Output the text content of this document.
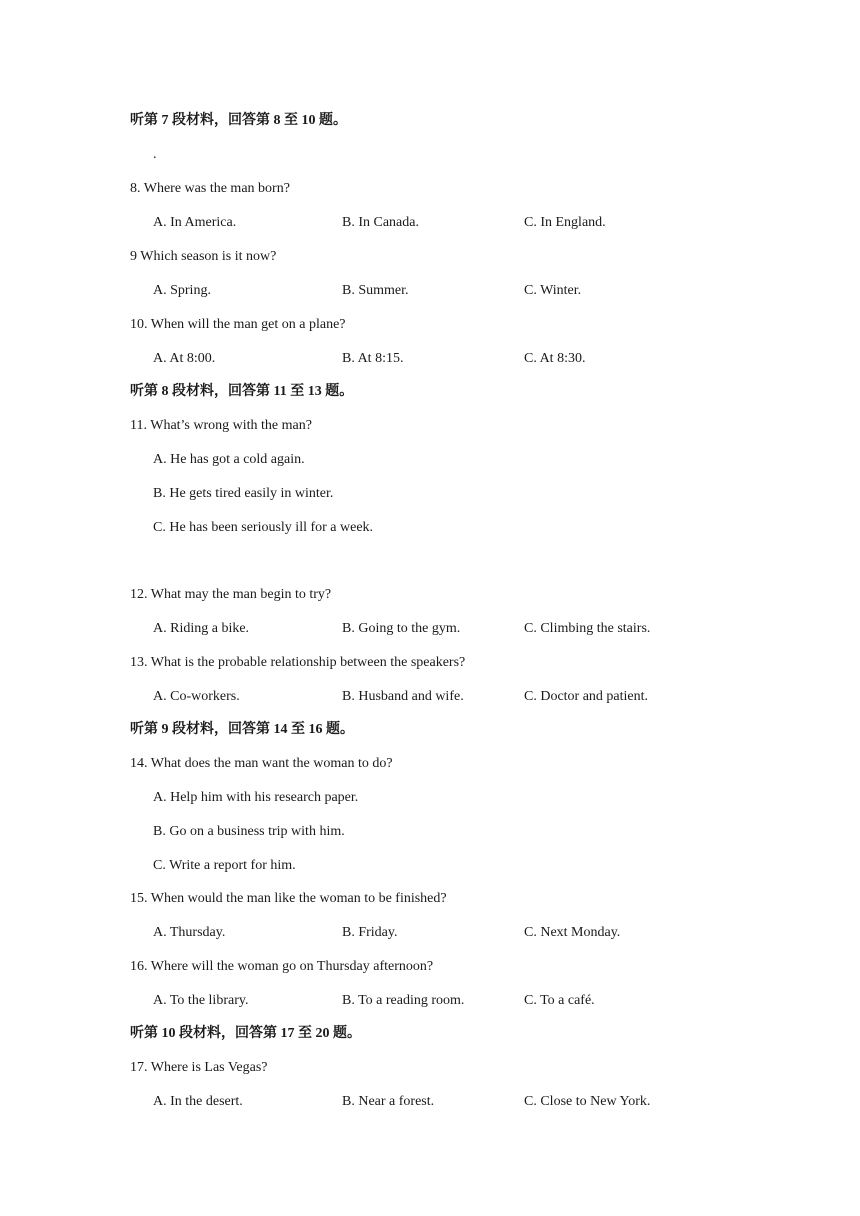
听第 7 段材料，回答第 8 至 10 题。
.
8. Where was the man born?
A. In America.	B. In Canada.	C. In England.
9 Which season is it now?
A. Spring.	B. Summer.	C. Winter.
10. When will the man get on a plane?
A. At 8:00.	B. At 8:15.	C. At 8:30.
听第 8 段材料，回答第 11 至 13 题。
11. What’s wrong with the man?
A. He has got a cold again.
B. He gets tired easily in winter.
C. He has been seriously ill for a week.
12. What may the man begin to try?
A. Riding a bike.	B. Going to the gym.	C. Climbing the stairs.
13. What is the probable relationship between the speakers?
A. Co-workers.	B. Husband and wife.	C. Doctor and patient.
听第 9 段材料，回答第 14 至 16 题。
14. What does the man want the woman to do?
A. Help him with his research paper.
B. Go on a business trip with him.
C. Write a report for him.
15. When would the man like the woman to be finished?
A. Thursday.	B. Friday.	C. Next Monday.
16. Where will the woman go on Thursday afternoon?
A. To the library.	B. To a reading room.	C. To a café.
听第 10 段材料，回答第 17 至 20 题。
17. Where is Las Vegas?
A. In the desert.	B. Near a forest.	C. Close to New York.
